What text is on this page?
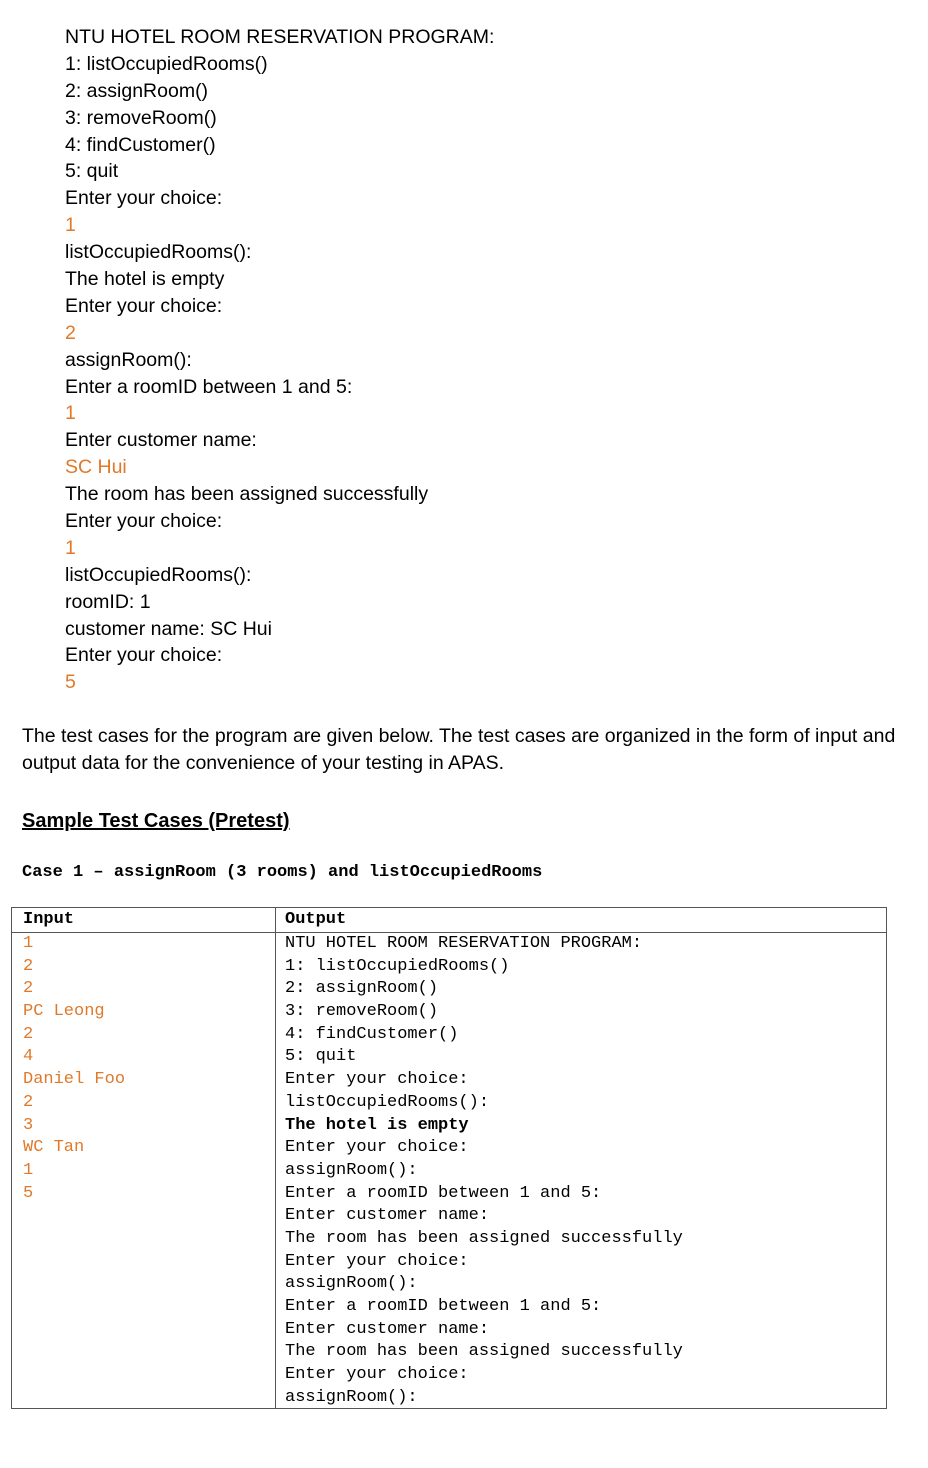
NTU HOTEL ROOM RESERVATION PROGRAM:
1: listOccupiedRooms()
2: assignRoom()
3: removeRoom()
4: findCustomer()
5: quit
Enter your choice:
1
listOccupiedRooms():
The hotel is empty
Enter your choice:
2
assignRoom():
Enter a roomID between 1 and 5:
1
Enter customer name:
SC Hui
The room has been assigned successfully
Enter your choice:
1
listOccupiedRooms():
roomID: 1
customer name: SC Hui
Enter your choice:
5
The test cases for the program are given below. The test cases are organized in the form of input and output data for the convenience of your testing in APAS.
Sample Test Cases (Pretest)
Case 1 – assignRoom (3 rooms) and listOccupiedRooms
Input	Output
1
2
2
PC Leong
2
4
Daniel Foo
2
3
WC Tan
1
5
NTU HOTEL ROOM RESERVATION PROGRAM:
1: listOccupiedRooms()
2: assignRoom()
3: removeRoom()
4: findCustomer()
5: quit
Enter your choice:
listOccupiedRooms():
The hotel is empty
Enter your choice:
assignRoom():
Enter a roomID between 1 and 5:
Enter customer name:
The room has been assigned successfully
Enter your choice:
assignRoom():
Enter a roomID between 1 and 5:
Enter customer name:
The room has been assigned successfully
Enter your choice:
assignRoom():
